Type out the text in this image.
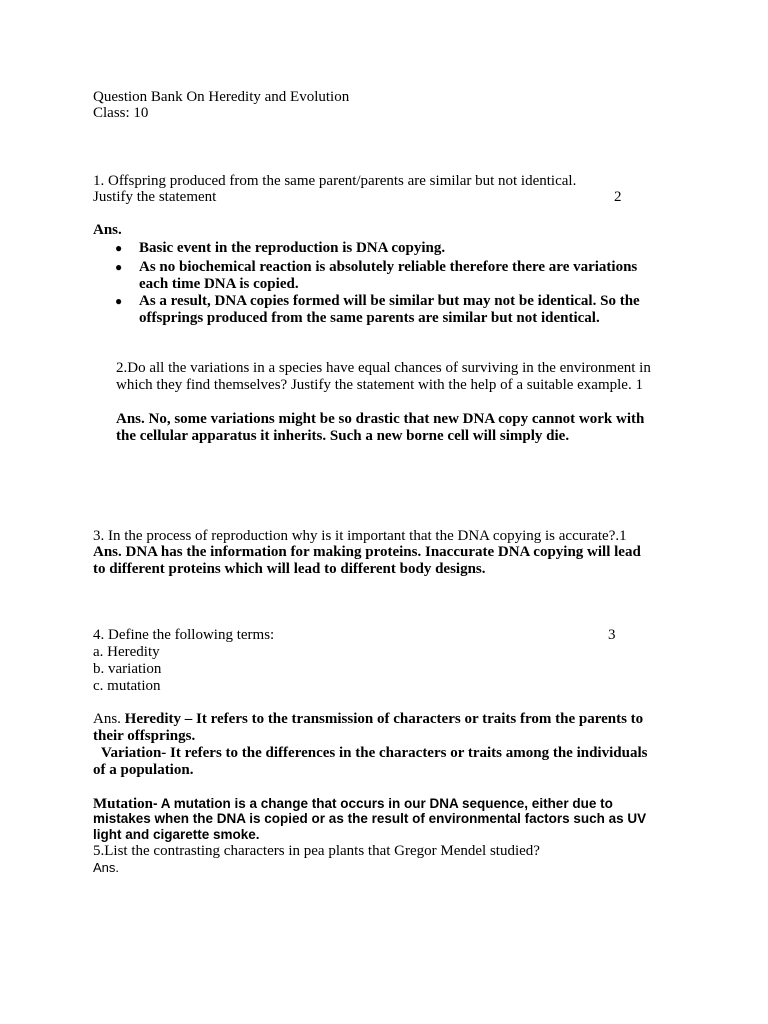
Question Bank On Heredity and Evolution
Class: 10
1. Offspring produced from the same parent/parents are similar but not identical.
Justify the statement	2
Ans.
● Basic event in the reproduction is DNA copying.
● As no biochemical reaction is absolutely reliable therefore there are variations
each time DNA is copied.
● As a result, DNA copies formed will be similar but may not be identical. So the
offsprings produced from the same parents are similar but not identical.
2.Do all the variations in a species have equal chances of surviving in the environment in
which they find themselves? Justify the statement with the help of a suitable example. 1
Ans. No, some variations might be so drastic that new DNA copy cannot work with
the cellular apparatus it inherits. Such a new borne cell will simply die.
3. In the process of reproduction why is it important that the DNA copying is accurate?.1
Ans. DNA has the information for making proteins. Inaccurate DNA copying will lead
to different proteins which will lead to different body designs.
4. Define the following terms:	3
a. Heredity
b. variation
c. mutation
Ans. Heredity – It refers to the transmission of characters or traits from the parents to
their offsprings.
Variation- It refers to the differences in the characters or traits among the individuals
of a population.
Mutation- A mutation is a change that occurs in our DNA sequence, either due to
mistakes when the DNA is copied or as the result of environmental factors such as UV
light and cigarette smoke.
5.List the contrasting characters in pea plants that Gregor Mendel studied?
Ans.
